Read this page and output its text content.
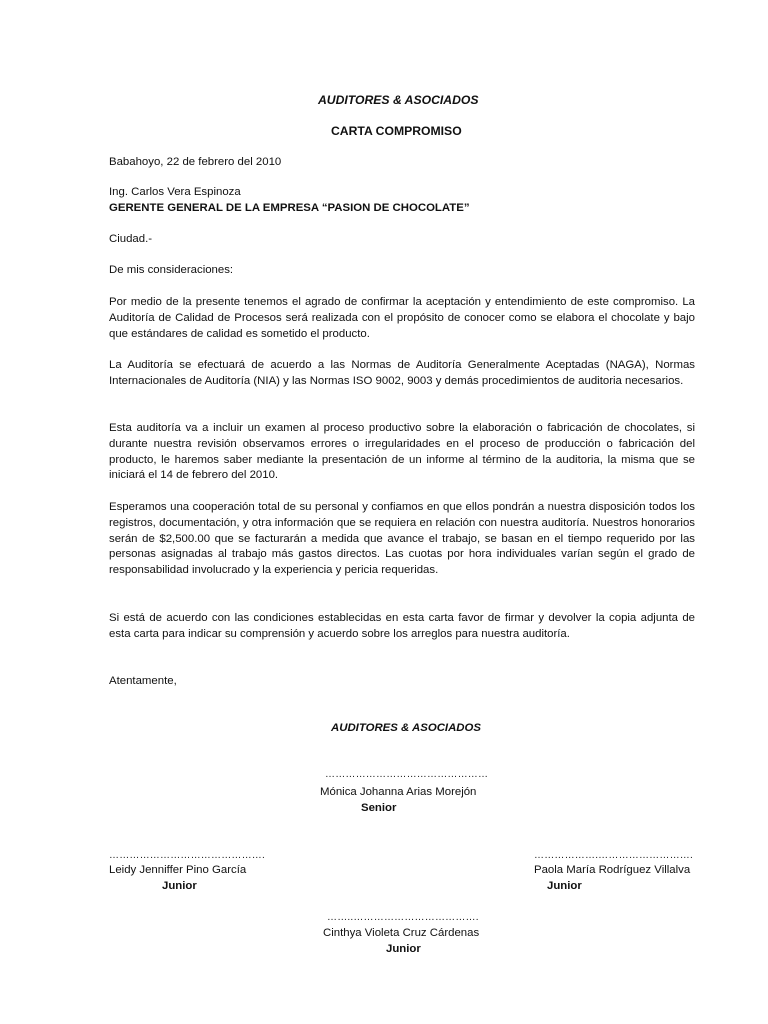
AUDITORES & ASOCIADOS
CARTA COMPROMISO
Babahoyo, 22 de febrero del 2010
Ing. Carlos Vera Espinoza
GERENTE GENERAL DE LA EMPRESA “PASION DE CHOCOLATE”
Ciudad.-
De mis consideraciones:

Por medio de la presente tenemos el agrado de confirmar la aceptación y entendimiento de este compromiso. La Auditoría de Calidad de Procesos será realizada con el propósito de conocer como se elabora el chocolate y bajo que estándares de calidad es sometido el producto.

La Auditoría se efectuará de acuerdo a las Normas de Auditoría Generalmente Aceptadas (NAGA), Normas Internacionales de Auditoría (NIA) y las Normas ISO 9002, 9003 y demás procedimientos de auditoria necesarios.

Esta auditoría va a incluir un examen al proceso productivo sobre la elaboración o fabricación de chocolates, si durante nuestra revisión observamos errores o irregularidades en el proceso de producción o fabricación del producto, le haremos saber mediante la presentación de un informe al término de la auditoria, la misma que se iniciará el 14 de febrero del 2010.

Esperamos una cooperación total de su personal y confiamos en que ellos pondrán a nuestra disposición todos los registros, documentación, y otra información que se requiera en relación con nuestra auditoría. Nuestros honorarios serán de $2,500.00 que se facturarán a medida que avance el trabajo, se basan en el tiempo requerido por las personas asignadas al trabajo más gastos directos. Las cuotas por hora individuales varían según el grado de responsabilidad involucrado y la experiencia y pericia requeridas.

Si está de acuerdo con las condiciones establecidas en esta carta favor de firmar y devolver la copia adjunta de esta carta para indicar su comprensión y acuerdo sobre los arreglos para nuestra auditoría.

Atentamente,
AUDITORES & ASOCIADOS
…………………………………………
Mónica Johanna Arias Morejón
Senior
……………………………………….
Leidy Jenniffer Pino García
Junior
……………….……………………….
Paola María Rodríguez Villalva
Junior
……..……………………………….
Cinthya Violeta Cruz Cárdenas
Junior
